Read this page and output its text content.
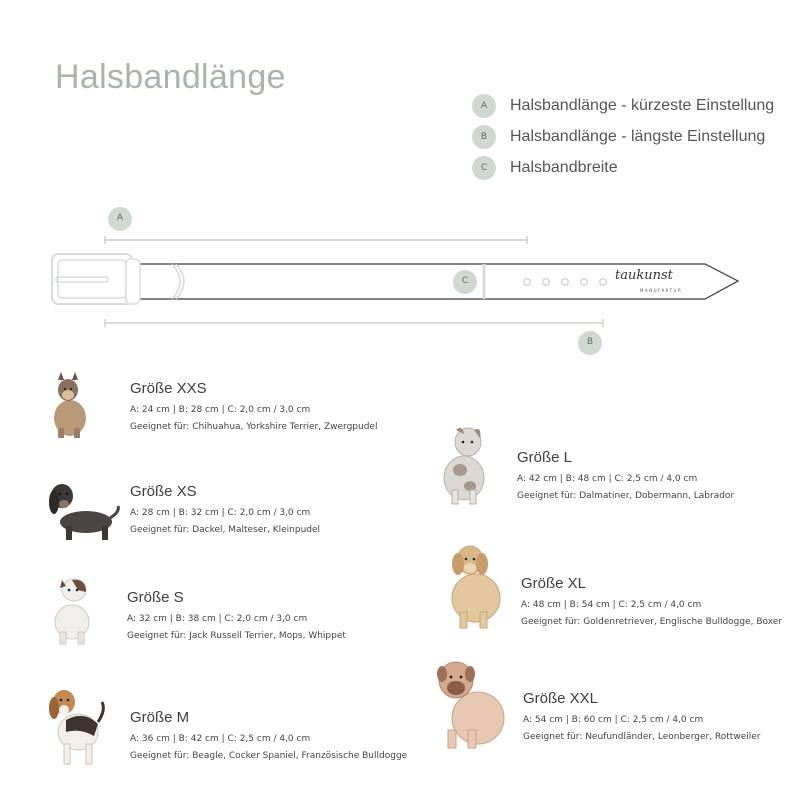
Halsbandlänge
A	Halsbandlänge - kürzeste Einstellung
B	Halsbandlänge - längste Einstellung
C	Halsbandbreite
A
B
C	taukunst
MANUFAKTUR
Größe XXS
A: 24 cm | B: 28 cm | C: 2,0 cm / 3,0 cm
Geeignet für: Chihuahua, Yorkshire Terrier, Zwergpudel
Größe XS
A: 28 cm | B: 32 cm | C: 2,0 cm / 3,0 cm
Geeignet für: Dackel, Malteser, Kleinpudel
Größe S
A: 32 cm | B: 38 cm | C: 2,0 cm / 3,0 cm
Geeignet für: Jack Russell Terrier, Mops, Whippet
Größe M
A: 36 cm | B: 42 cm | C: 2,5 cm / 4,0 cm
Geeignet für: Beagle, Cocker Spaniel, Französische Bulldogge
Größe L
A: 42 cm | B: 48 cm | C: 2,5 cm / 4,0 cm
Geeignet für: Dalmatiner, Dobermann, Labrador
Größe XL
A: 48 cm | B: 54 cm | C: 2,5 cm / 4,0 cm
Geeignet für: Goldenretriever, Englische Bulldogge, Boxer
Größe XXL
A: 54 cm | B: 60 cm | C: 2,5 cm / 4,0 cm
Geeignet für: Neufundländer, Leonberger, Rottweiler
